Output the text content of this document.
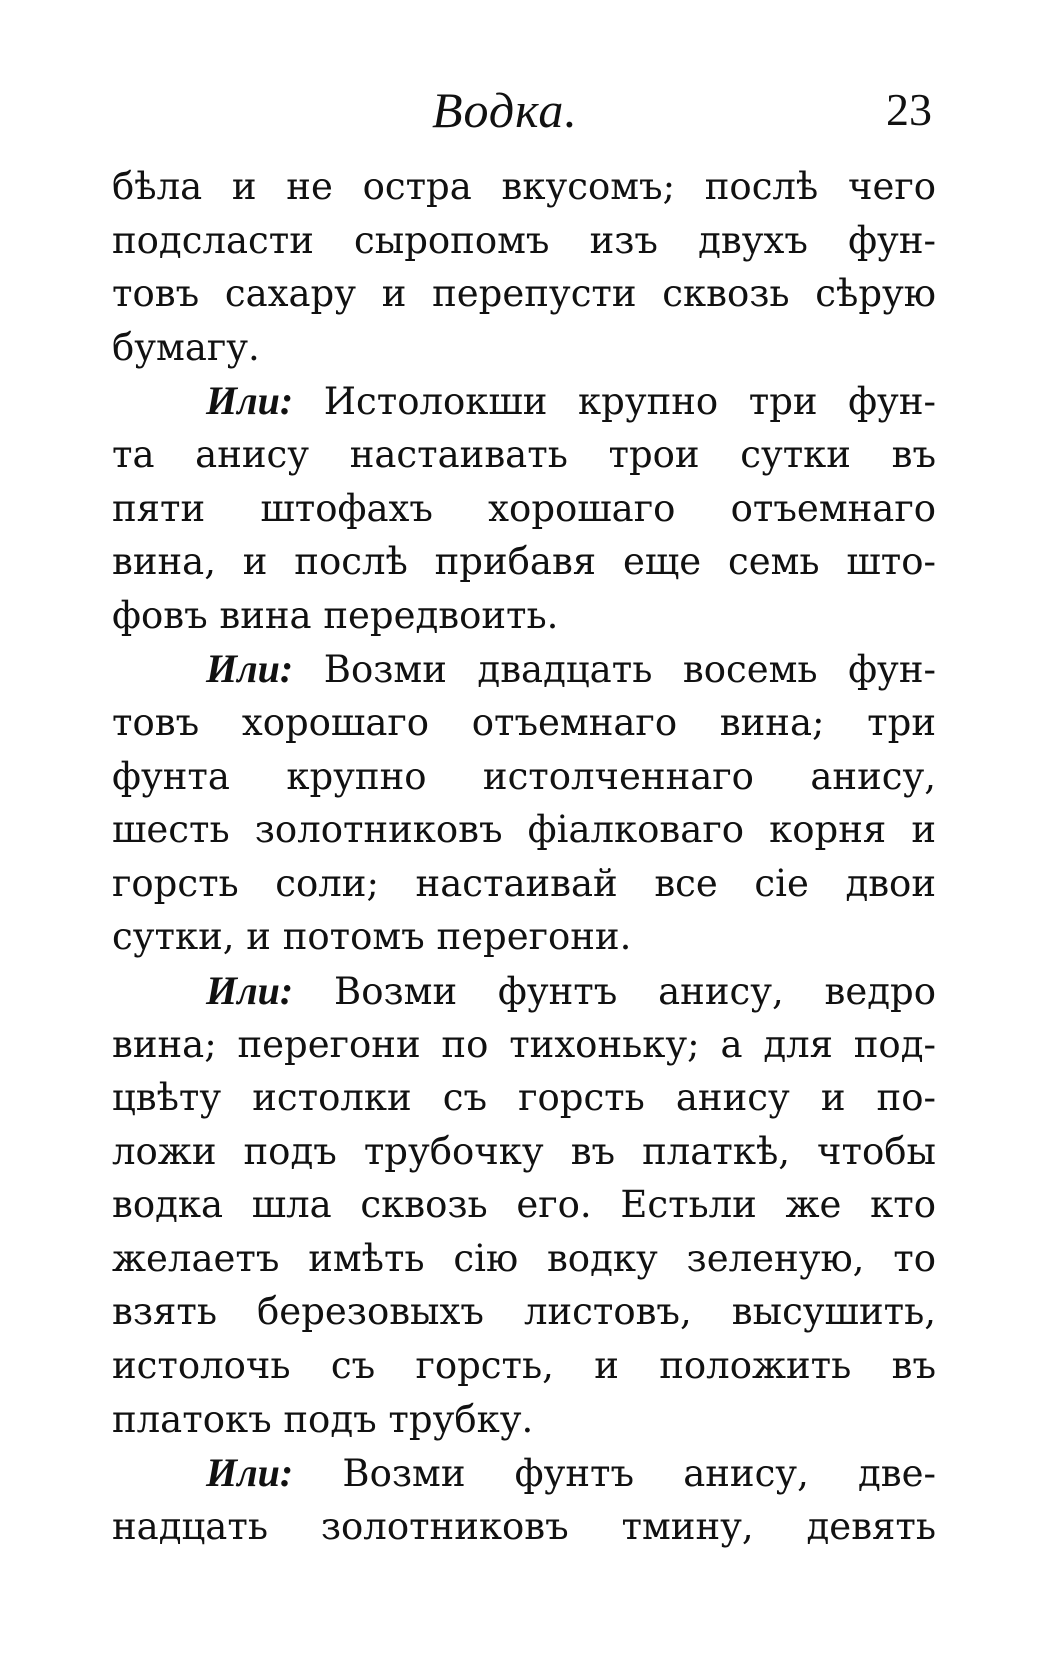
Водка.	23
бѣла и не остра вкусомъ; послѣ чего
подсласти сыропомъ изъ двухъ фун-
товъ сахару и перепусти сквозь сѣрую
бумагу.
Или: Истолокши крупно три фун-
та анису настаивать трои сутки въ
пяти штофахъ хорошаго отъемнаго
вина, и послѣ прибавя еще семь што-
фовъ вина передвоить.
Или: Возми двадцать восемь фун-
товъ хорошаго отъемнаго вина; три
фунта крупно истолченнаго анису,
шесть золотниковъ фіалковаго корня и
горсть соли; настаивай все сіе двои
сутки, и потомъ перегони.
Или: Возми фунтъ анису, ведро
вина; перегони по тихоньку; а для под-
цвѣту истолки съ горсть анису и по-
ложи подъ трубочку въ платкѣ, чтобы
водка шла сквозь его. Естьли же кто
желаетъ имѣть сію водку зеленую, то
взять березовыхъ листовъ, высушить,
истолочь съ горсть, и положить въ
платокъ подъ трубку.
Или: Возми фунтъ анису, две-
надцать золотниковъ тмину, девять
